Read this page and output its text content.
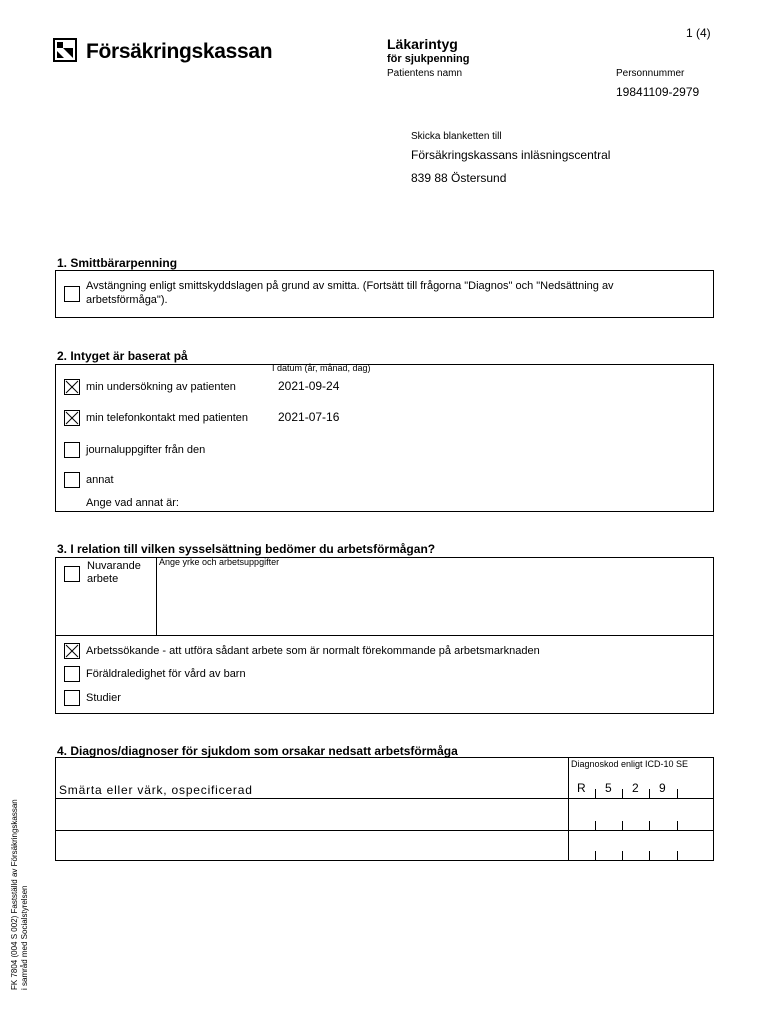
1 (4)
Försäkringskassan	Läkarintyg
för sjukpenning
Patientens namn	Personnummer
19841109-2979
Skicka blanketten till
Försäkringskassans inläsningscentral
839 88 Östersund
1. Smittbärarpenning
Avstängning enligt smittskyddslagen på grund av smitta. (Fortsätt till frågorna "Diagnos" och "Nedsättning av
arbetsförmåga").
2. Intyget är baserat på
I datum (år, månad, dag)
min undersökning av patienten	2021-09-24
min telefonkontakt med patienten 2021-07-16
journaluppgifter från den
annat
Ange vad annat är:
3. I relation till vilken sysselsättning bedömer du arbetsförmågan?
Nuvarande
arbete
Ange yrke och arbetsuppgifter
Arbetssökande - att utföra sådant arbete som är normalt förekommande på arbetsmarknaden
Föräldraledighet för vård av barn
Studier
4. Diagnos/diagnoser för sjukdom som orsakar nedsatt arbetsförmåga
Diagnoskod enligt ICD-10 SE
Smärta eller värk, ospecificerad	R 5 2 9
FK 7804 (004 S 002) Fastställd av Försäkringskassan i samråd med Socialstyrelsen
